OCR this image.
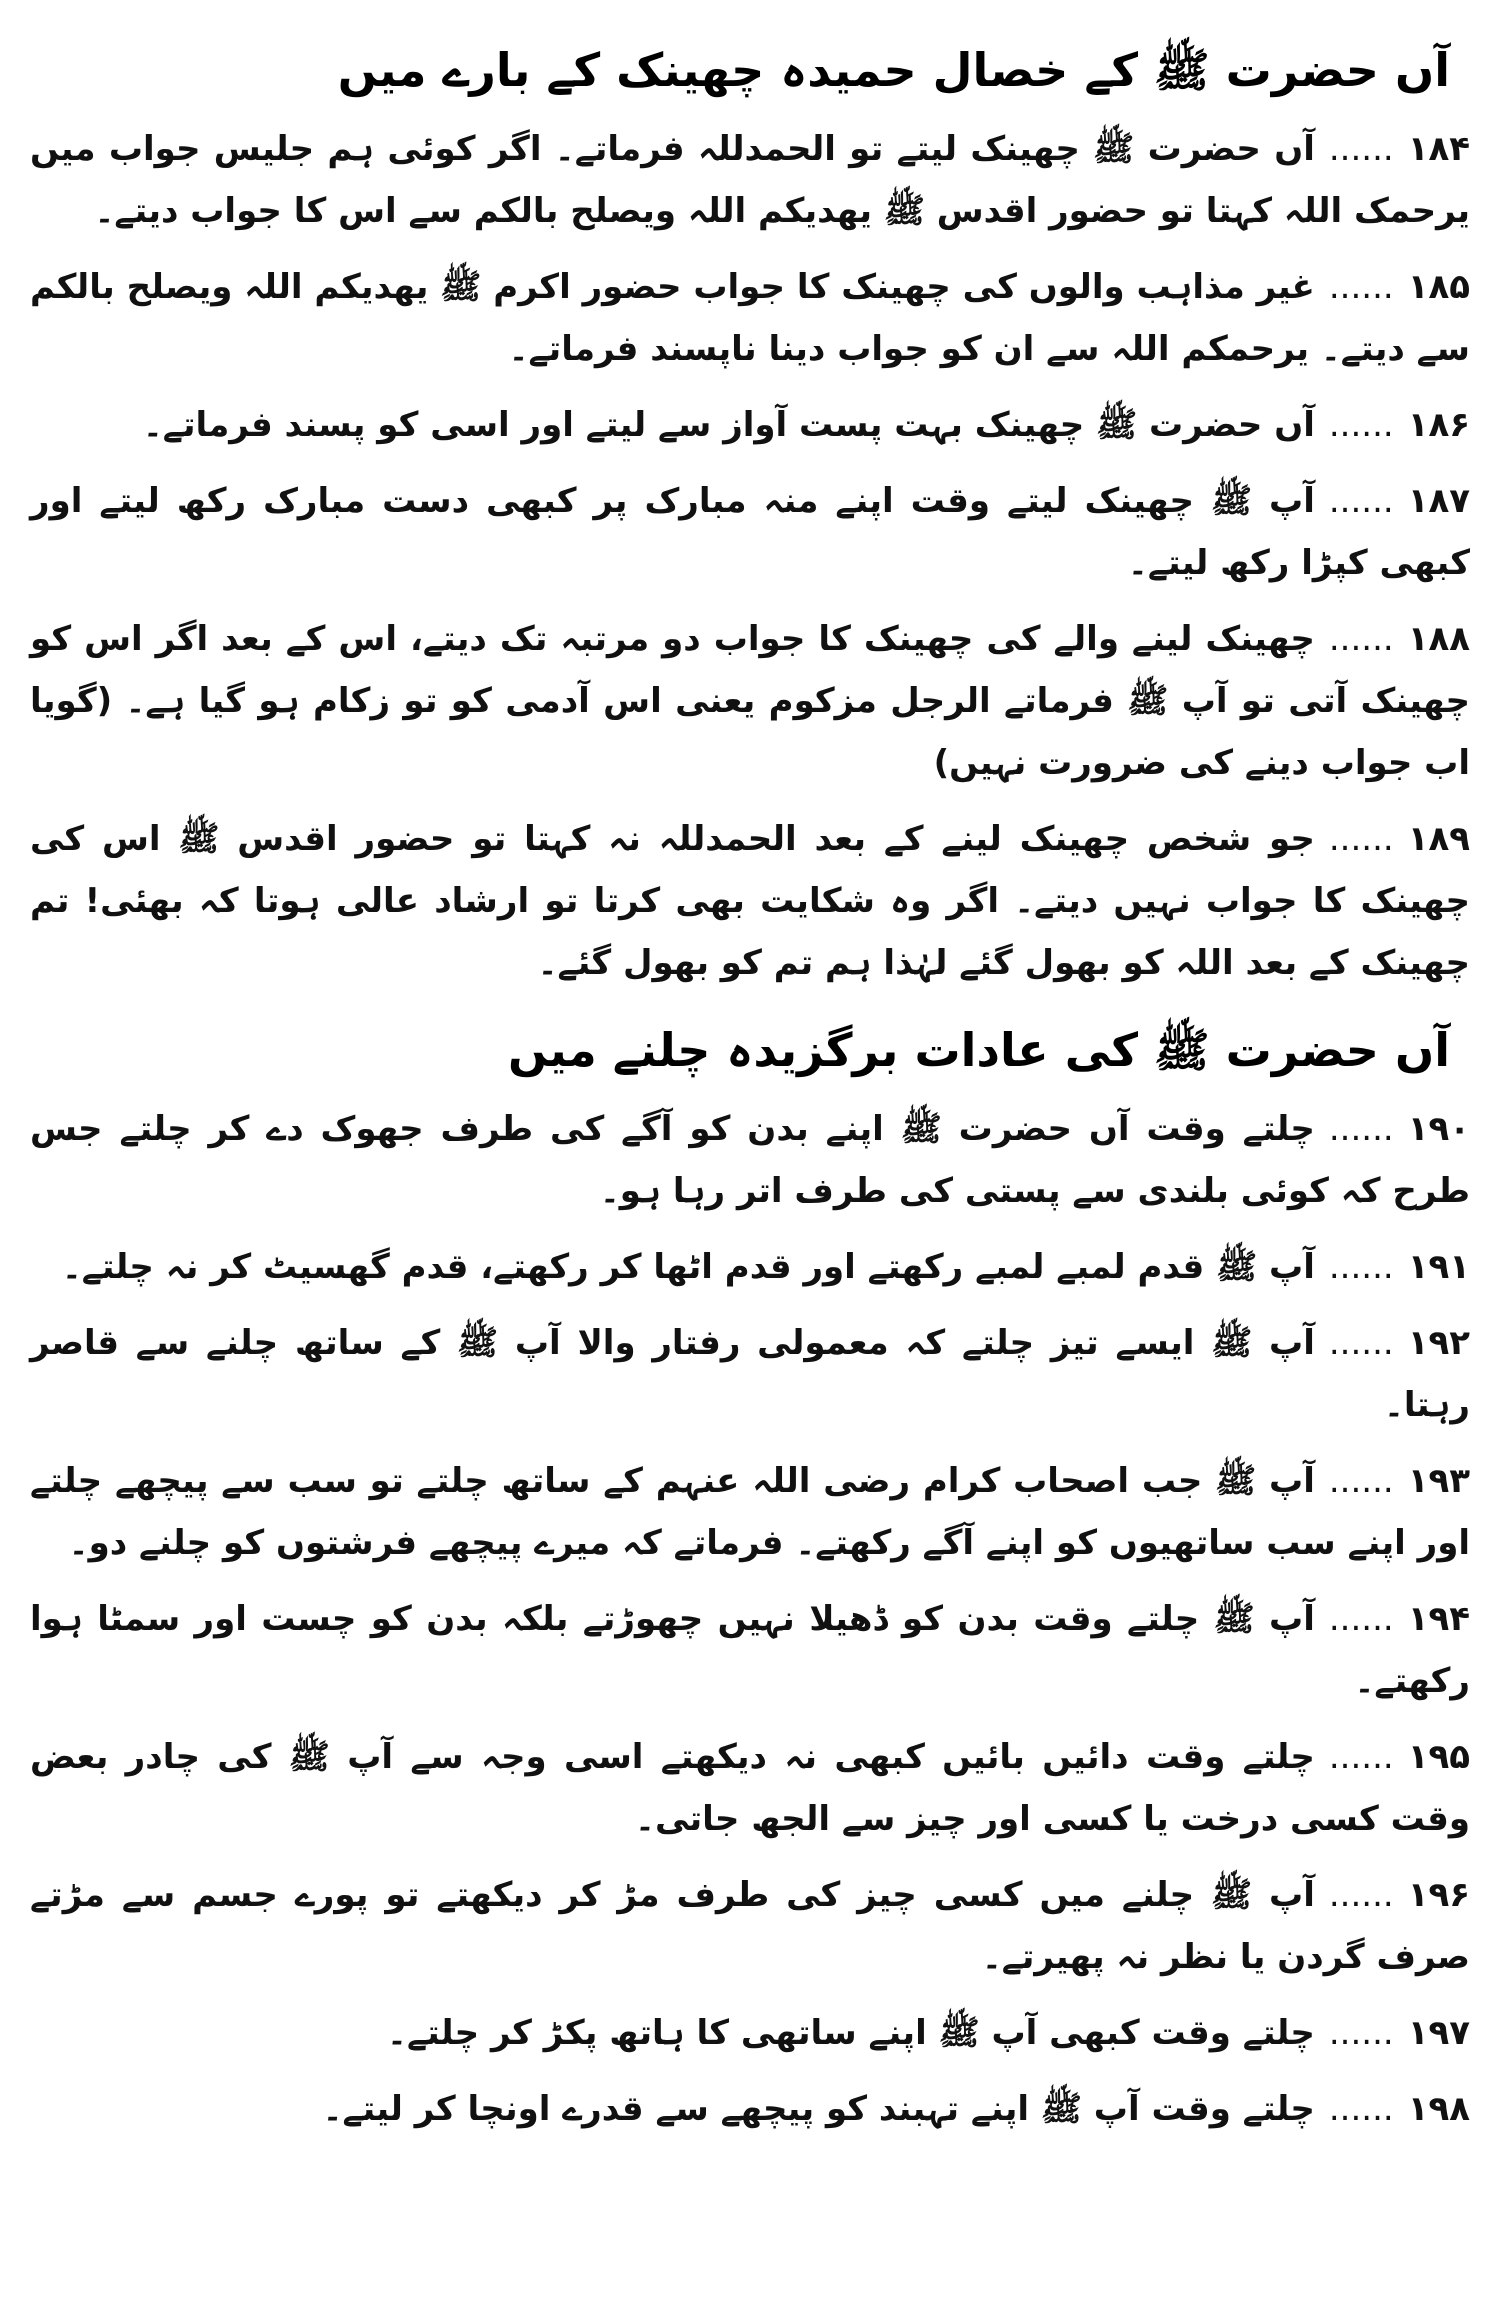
آں حضرت ﷺ کے خصال حمیدہ چھینک کے بارے میں
۱۸۴......آں حضرت ﷺ چھینک لیتے تو الحمدللہ فرماتے۔ اگر کوئی ہم جلیس جواب میں یرحمک اللہ کہتا تو حضور اقدس ﷺ یھدیکم اللہ ویصلح بالکم سے اس کا جواب دیتے۔
۱۸۵......غیر مذاہب والوں کی چھینک کا جواب حضور اکرم ﷺ یھدیکم اللہ ویصلح بالکم سے دیتے۔ یرحمکم اللہ سے ان کو جواب دینا ناپسند فرماتے۔
۱۸۶......آں حضرت ﷺ چھینک بہت پست آواز سے لیتے اور اسی کو پسند فرماتے۔
۱۸۷......آپ ﷺ چھینک لیتے وقت اپنے منہ مبارک پر کبھی دست مبارک رکھ لیتے اور کبھی کپڑا رکھ لیتے۔
۱۸۸......چھینک لینے والے کی چھینک کا جواب دو مرتبہ تک دیتے، اس کے بعد اگر اس کو چھینک آتی تو آپ ﷺ فرماتے الرجل مزکوم یعنی اس آدمی کو تو زکام ہو گیا ہے۔ (گویا اب جواب دینے کی ضرورت نہیں)
۱۸۹......جو شخص چھینک لینے کے بعد الحمدللہ نہ کہتا تو حضور اقدس ﷺ اس کی چھینک کا جواب نہیں دیتے۔ اگر وہ شکایت بھی کرتا تو ارشاد عالی ہوتا کہ بھئی! تم چھینک کے بعد اللہ کو بھول گئے لہٰذا ہم تم کو بھول گئے۔
آں حضرت ﷺ کی عادات برگزیدہ چلنے میں
۱۹۰......چلتے وقت آں حضرت ﷺ اپنے بدن کو آگے کی طرف جھوک دے کر چلتے جس طرح کہ کوئی بلندی سے پستی کی طرف اتر رہا ہو۔
۱۹۱......آپ ﷺ قدم لمبے لمبے رکھتے اور قدم اٹھا کر رکھتے، قدم گھسیٹ کر نہ چلتے۔
۱۹۲......آپ ﷺ ایسے تیز چلتے کہ معمولی رفتار والا آپ ﷺ کے ساتھ چلنے سے قاصر رہتا۔
۱۹۳......آپ ﷺ جب اصحاب کرام رضی اللہ عنہم کے ساتھ چلتے تو سب سے پیچھے چلتے اور اپنے سب ساتھیوں کو اپنے آگے رکھتے۔ فرماتے کہ میرے پیچھے فرشتوں کو چلنے دو۔
۱۹۴......آپ ﷺ چلتے وقت بدن کو ڈھیلا نہیں چھوڑتے بلکہ بدن کو چست اور سمٹا ہوا رکھتے۔
۱۹۵......چلتے وقت دائیں بائیں کبھی نہ دیکھتے اسی وجہ سے آپ ﷺ کی چادر بعض وقت کسی درخت یا کسی اور چیز سے الجھ جاتی۔
۱۹۶......آپ ﷺ چلنے میں کسی چیز کی طرف مڑ کر دیکھتے تو پورے جسم سے مڑتے صرف گردن یا نظر نہ پھیرتے۔
۱۹۷......چلتے وقت کبھی آپ ﷺ اپنے ساتھی کا ہاتھ پکڑ کر چلتے۔
۱۹۸......چلتے وقت آپ ﷺ اپنے تہبند کو پیچھے سے قدرے اونچا کر لیتے۔
